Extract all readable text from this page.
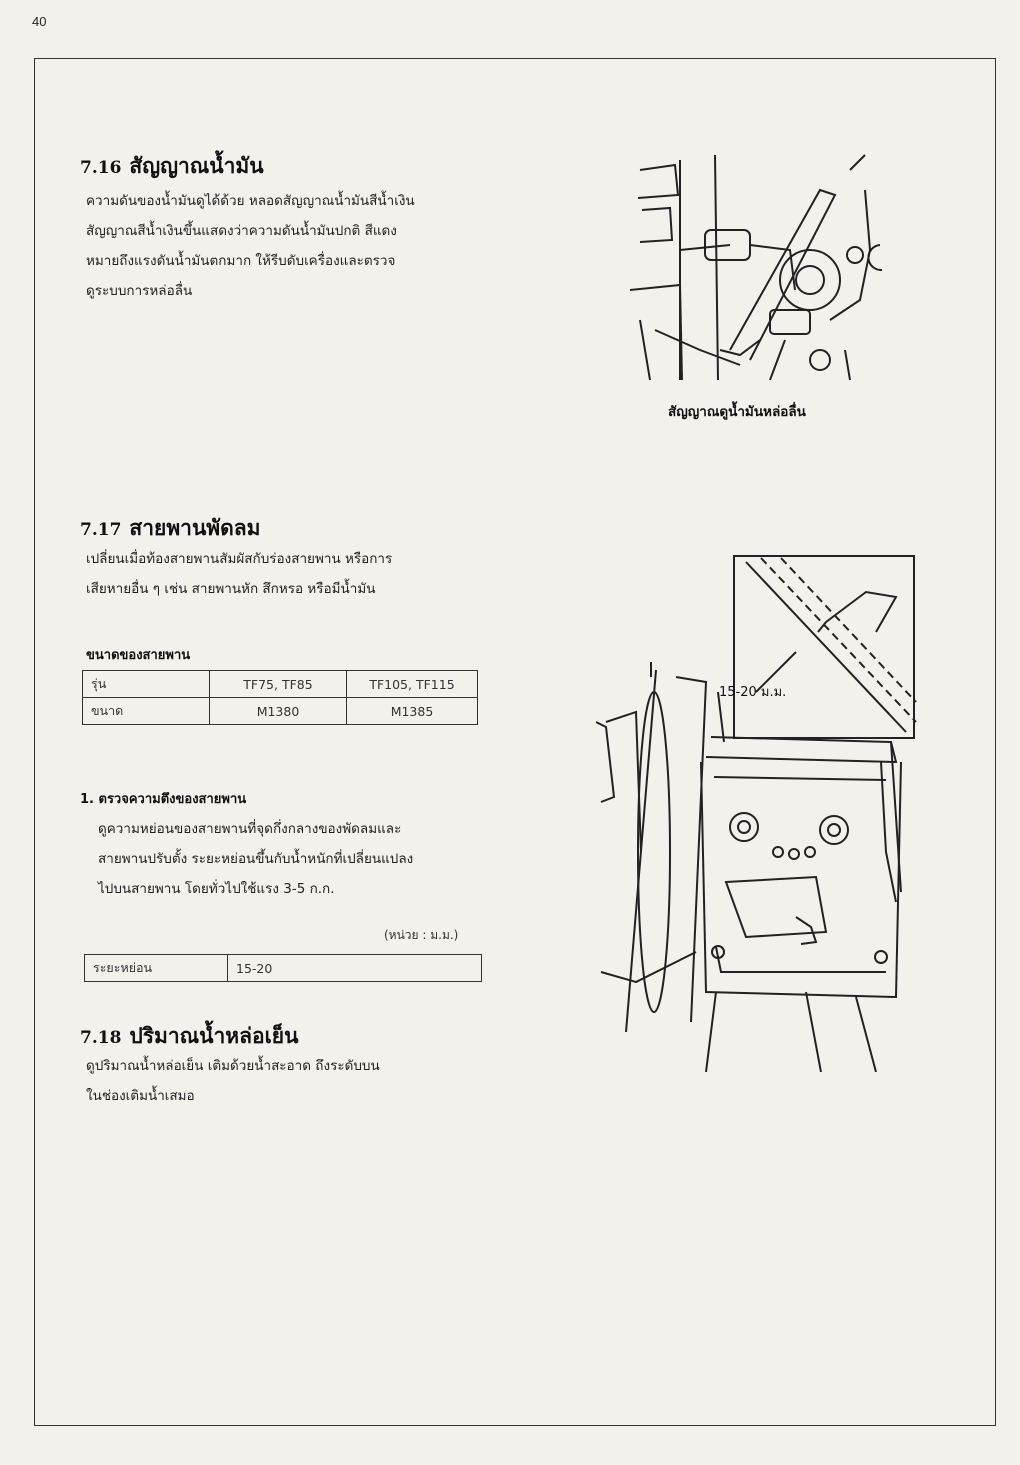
40
7.16 สัญญาณน้ำมัน

ความดันของน้ำมันดูได้ด้วย หลอดสัญญาณน้ำมันสีน้ำเงิน

สัญญาณสีน้ำเงินขึ้นแสดงว่าความดันน้ำมันปกติ สีแดง

หมายถึงแรงดันน้ำมันตกมาก ให้รีบดับเครื่องและตรวจ

ดูระบบการหล่อลื่น

สัญญาณดูน้ำมันหล่อลื่น
7.17 สายพานพัดลม

เปลี่ยนเมื่อท้องสายพานสัมผัสกับร่องสายพาน หรือการ

เสียหายอื่น ๆ เช่น สายพานหัก สึกหรอ หรือมีน้ำมัน

ขนาดของสายพาน
รุ่น	TF75, TF85	TF105, TF115
ขนาด	M1380	M1385
1. ตรวจความตึงของสายพาน

ดูความหย่อนของสายพานที่จุดกึ่งกลางของพัดลมและ

สายพานปรับตั้ง ระยะหย่อนขึ้นกับน้ำหนักที่เปลี่ยนแปลง

ไปบนสายพาน โดยทั่วไปใช้แรง 3-5 ก.ก.

(หน่วย : ม.ม.)
ระยะหย่อน	15-20
15-20 ม.ม.
7.18 ปริมาณน้ำหล่อเย็น

ดูปริมาณน้ำหล่อเย็น เติมด้วยน้ำสะอาด ถึงระดับบน

ในช่องเติมน้ำเสมอ
